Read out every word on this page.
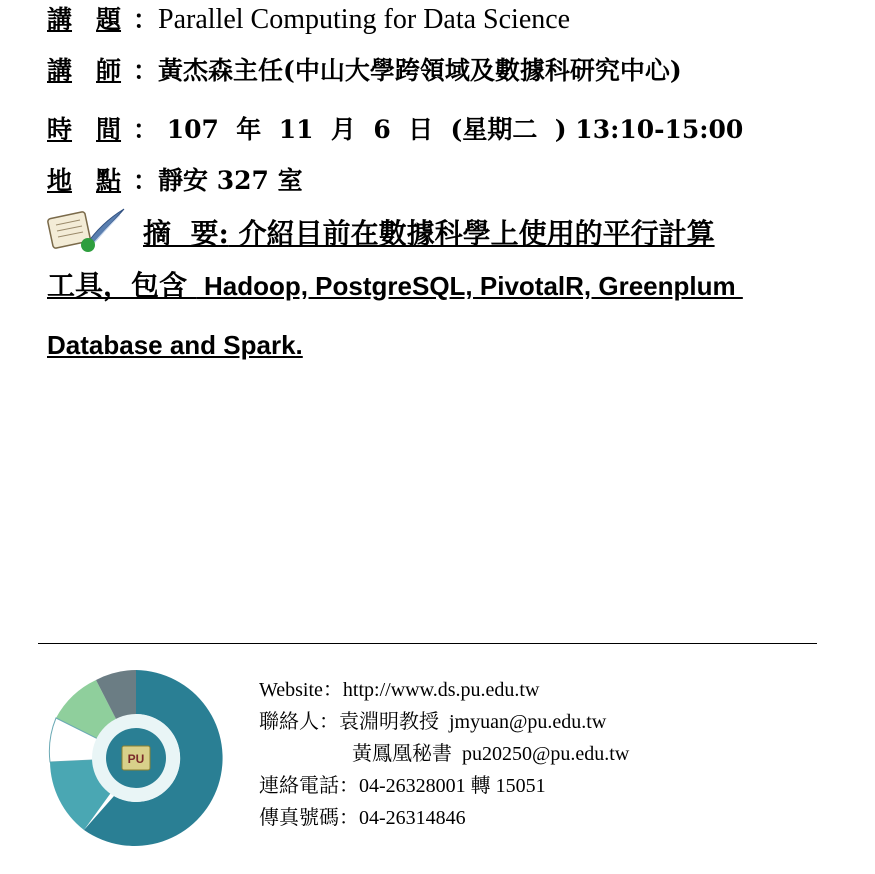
講 題 ：Parallel Computing for Data Science
講 師 ：黃杰森主任(中山大學跨領域及數據科研究中心)
時 間 ： 107  年  11  月  6  日  (星期二  ) 13:10-15:00
地 點 ：靜安 327 室
摘  要: 介紹目前在數據科學上使用的平行計算
工具，包含  Hadoop, PostgreSQL, PivotalR, Greenplum
Database and Spark.
PU
Website：http://www.ds.pu.edu.tw
聯絡人：袁淵明教授 jmyuan@pu.edu.tw
黃鳳凰秘書 pu20250@pu.edu.tw
連絡電話：04-26328001 轉 15051
傳真號碼：04-26314846
